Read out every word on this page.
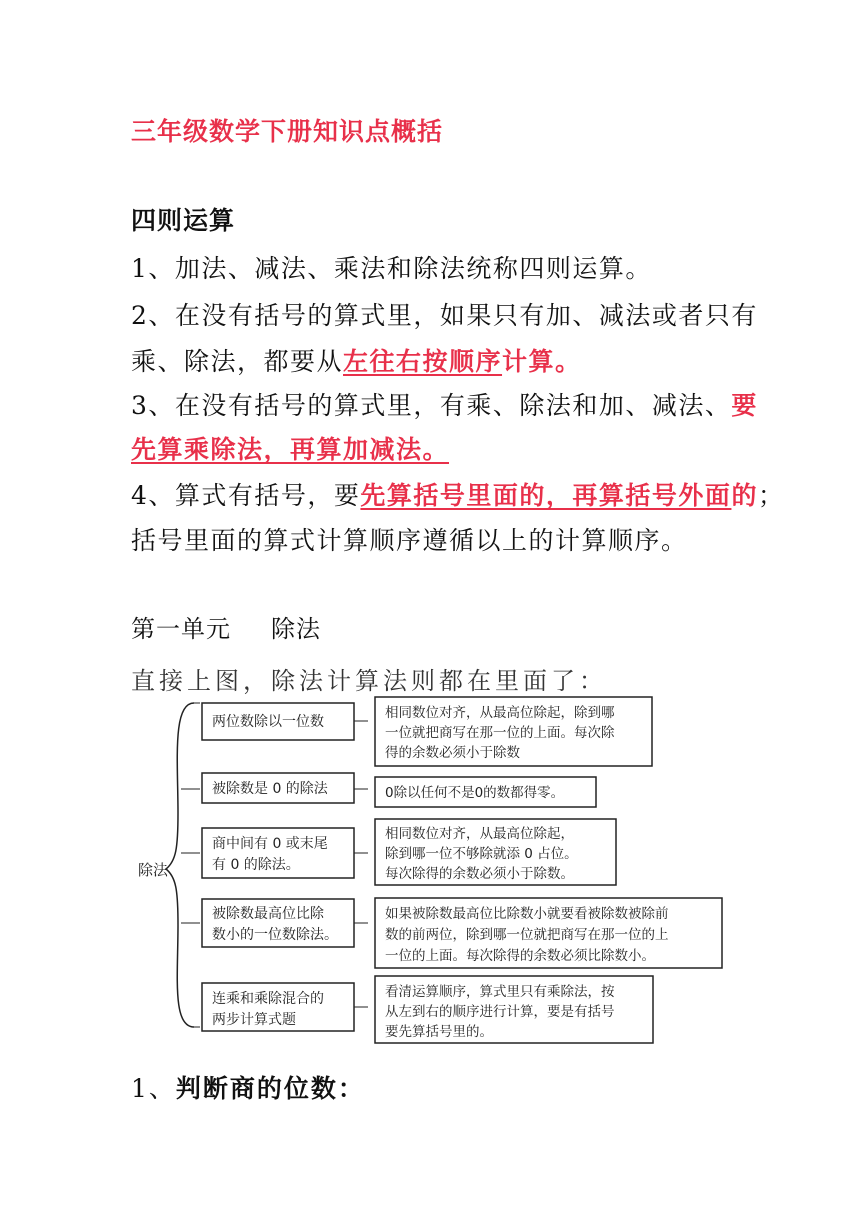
三年级数学下册知识点概括
四则运算
1、加法、减法、乘法和除法统称四则运算。
2、在没有括号的算式里，如果只有加、减法或者只有
乘、除法，都要从左往右按顺序计算。
3、在没有括号的算式里，有乘、除法和加、减法、要
先算乘除法，再算加减法。
4、算式有括号，要先算括号里面的，再算括号外面的；
括号里面的算式计算顺序遵循以上的计算顺序。
第一单元 除法
直接上图，除法计算法则都在里面了：
除法
两位数除以一位数
相同数位对齐，从最高位除起，除到哪
一位就把商写在那一位的上面。每次除
得的余数必须小于除数
被除数是 0 的除法	0除以任何不是0的数都得零。
商中间有 0 或末尾
有 0 的除法。
相同数位对齐，从最高位除起，
除到哪一位不够除就添 0 占位。
每次除得的余数必须小于除数。
被除数最高位比除
数小的一位数除法。
如果被除数最高位比除数小就要看被除数被除前
数的前两位，除到哪一位就把商写在那一位的上
一位的上面。每次除得的余数必须比除数小。
连乘和乘除混合的
两步计算式题
看清运算顺序，算式里只有乘除法，按
从左到右的顺序进行计算，要是有括号
要先算括号里的。
1、判断商的位数：
